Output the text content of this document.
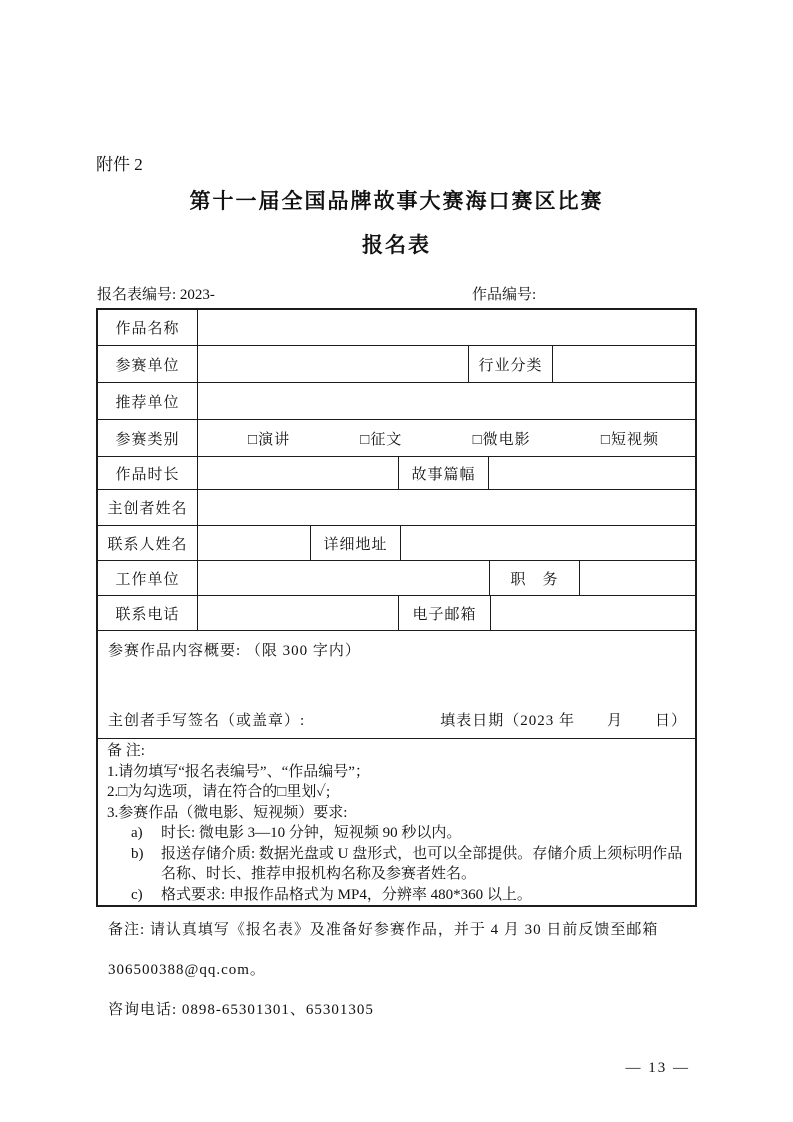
附件 2
第十一届全国品牌故事大赛海口赛区比赛
报名表
报名表编号: 2023-	作品编号:
作品名称
参赛单位	行业分类
推荐单位
参赛类别	□演讲	□征文	□微电影	□短视频
作品时长	故事篇幅
主创者姓名
联系人姓名	详细地址
工作单位	职　务
联系电话	电子邮箱
参赛作品内容概要: （限 300 字内）
主创者手写签名（或盖章）:	填表日期（2023 年　　月　　日）
备 注:
1.请勿填写“报名表编号”、“作品编号”；
2.□为勾选项，请在符合的□里划✓;
3.参赛作品（微电影、短视频）要求:
a)	时长: 微电影 3—10 分钟，短视频 90 秒以内。
b)	报送存储介质: 数据光盘或 U 盘形式，也可以全部提供。存储介质上须标明作品名称、时长、推荐申报机构名称及参赛者姓名。
c)	格式要求: 申报作品格式为 MP4，分辨率 480*360 以上。
备注: 请认真填写《报名表》及准备好参赛作品，并于 4 月 30 日前反馈至邮箱
306500388@qq.com。
咨询电话: 0898-65301301、65301305
— 13 —
